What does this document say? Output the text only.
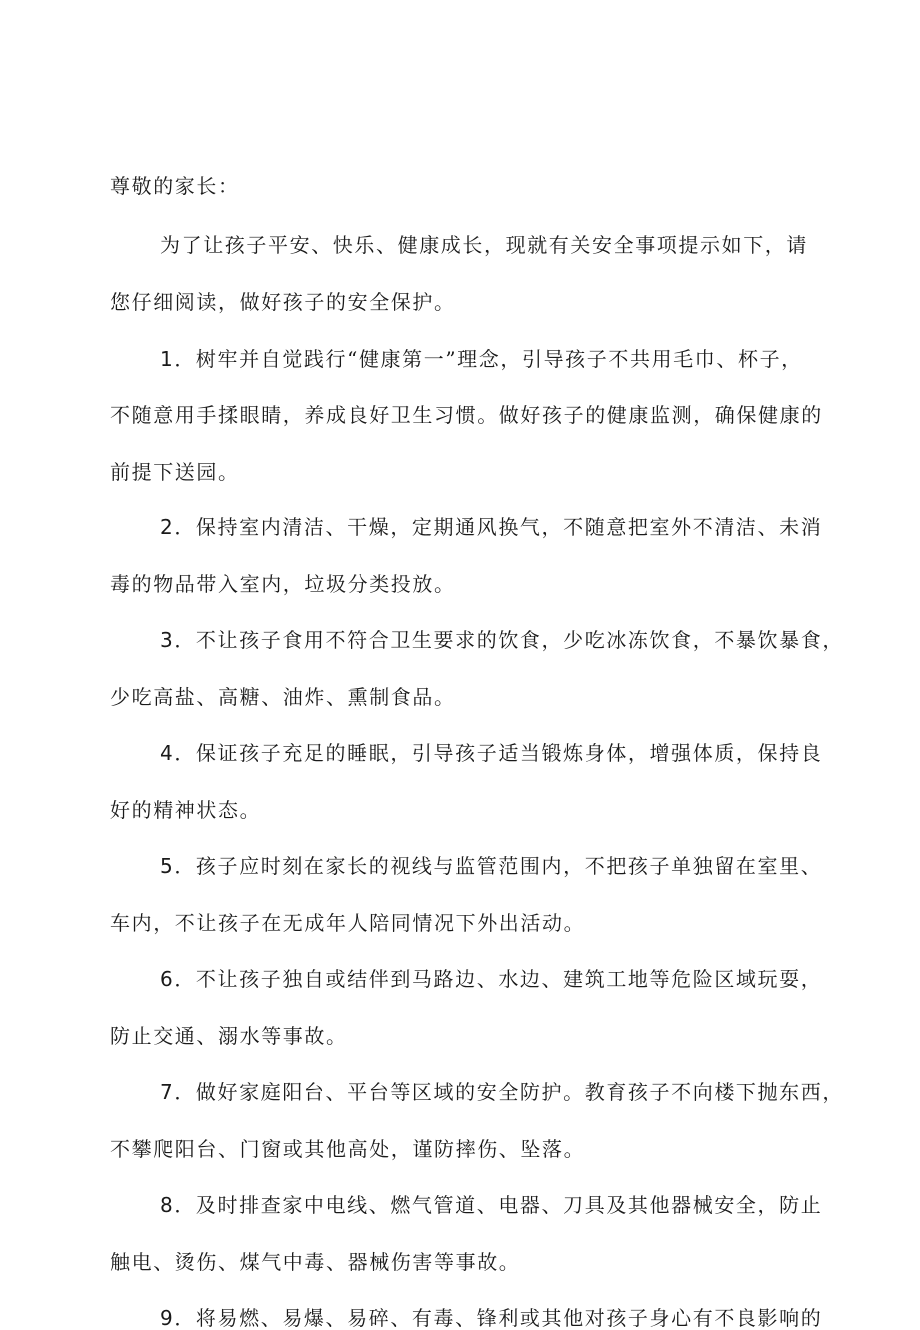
尊敬的家长：
为了让孩子平安、快乐、健康成长，现就有关安全事项提示如下，请
您仔细阅读，做好孩子的安全保护。
1．树牢并自觉践行“健康第一”理念，引导孩子不共用毛巾、杯子，
不随意用手揉眼睛，养成良好卫生习惯。做好孩子的健康监测，确保健康的
前提下送园。
2．保持室内清洁、干燥，定期通风换气，不随意把室外不清洁、未消
毒的物品带入室内，垃圾分类投放。
3．不让孩子食用不符合卫生要求的饮食，少吃冰冻饮食，不暴饮暴食，
少吃高盐、高糖、油炸、熏制食品。
4．保证孩子充足的睡眠，引导孩子适当锻炼身体，增强体质，保持良
好的精神状态。
5．孩子应时刻在家长的视线与监管范围内，不把孩子单独留在室里、
车内，不让孩子在无成年人陪同情况下外出活动。
6．不让孩子独自或结伴到马路边、水边、建筑工地等危险区域玩耍，
防止交通、溺水等事故。
7．做好家庭阳台、平台等区域的安全防护。教育孩子不向楼下抛东西，
不攀爬阳台、门窗或其他高处，谨防摔伤、坠落。
8．及时排查家中电线、燃气管道、电器、刀具及其他器械安全，防止
触电、烫伤、煤气中毒、器械伤害等事故。
9．将易燃、易爆、易碎、有毒、锋利或其他对孩子身心有不良影响的
